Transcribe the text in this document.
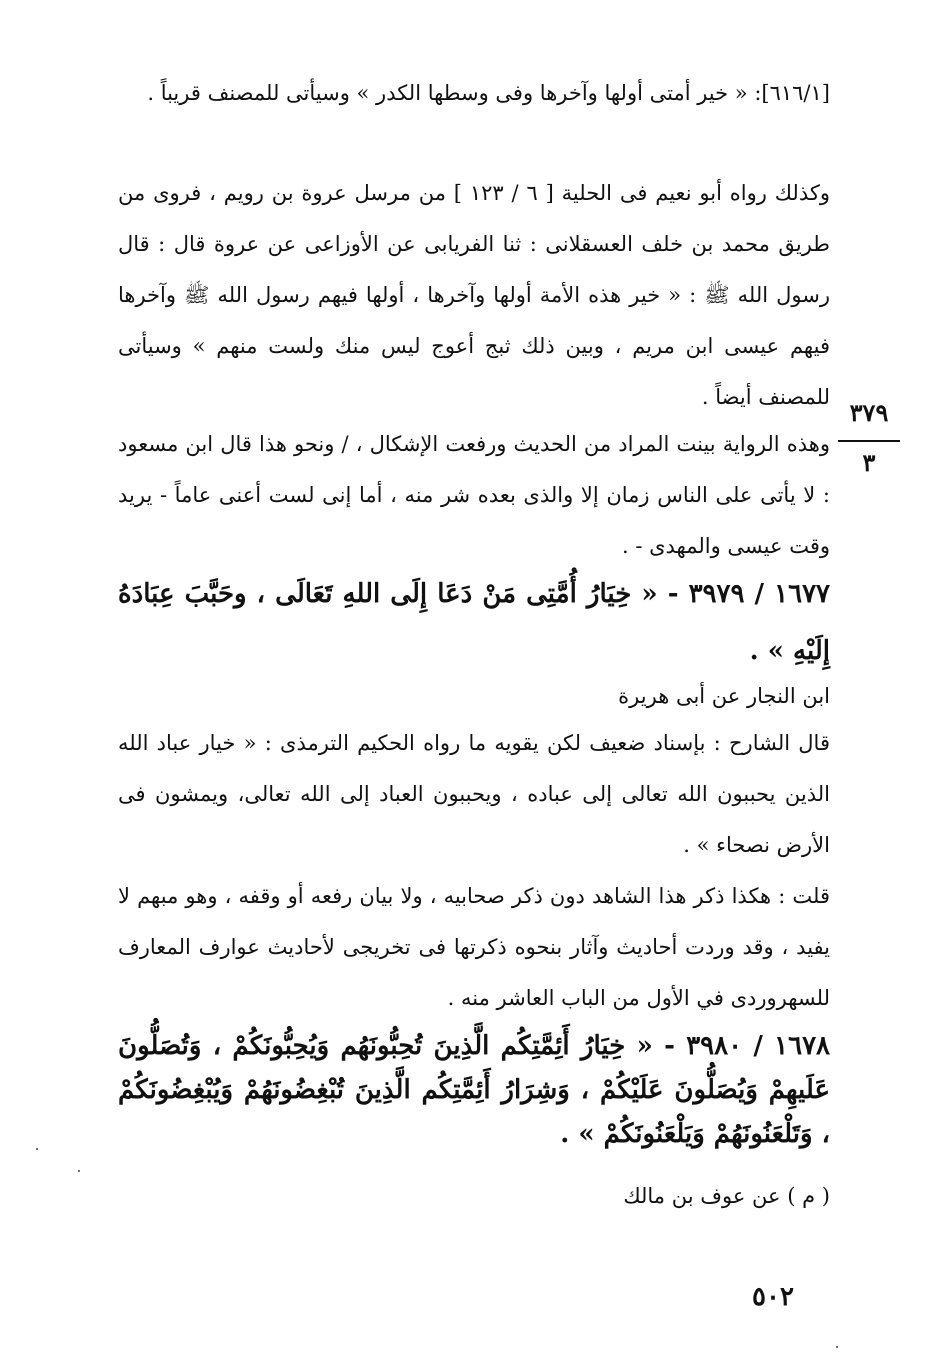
[٦١٦/١]: « خير أمتى أولها وآخرها وفى وسطها الكدر » وسيأتى للمصنف قريباً .

وكذلك رواه أبو نعيم فى الحلية [ ٦ / ١٢٣ ] من مرسل عروة بن رويم ، فروى من طريق محمد بن خلف العسقلانى : ثنا الفريابى عن الأوزاعى عن عروة قال : قال رسول الله ﷺ : « خير هذه الأمة أولها وآخرها ، أولها فيهم رسول الله ﷺ وآخرها فيهم عيسى ابن مريم ، وبين ذلك ثبج أعوج ليس منك ولست منهم » وسيأتى للمصنف أيضاً .

وهذه الرواية بينت المراد من الحديث ورفعت الإشكال ، / ونحو هذا قال ابن مسعود : لا يأتى على الناس زمان إلا والذى بعده شر منه ، أما إنى لست أعنى عاماً - يريد وقت عيسى والمهدى - .

١٦٧٧ / ٣٩٧٩ - « خِيَارُ أُمَّتِى مَنْ دَعَا إِلَى اللهِ تَعَالَى ، وحَبَّبَ عِبَادَهُ إِلَيْهِ » .

ابن النجار عن أبى هريرة

قال الشارح : بإسناد ضعيف لكن يقويه ما رواه الحكيم الترمذى : « خيار عباد الله الذين يحببون الله تعالى إلى عباده ، ويحببون العباد إلى الله تعالى، ويمشون فى الأرض نصحاء » .

قلت : هكذا ذكر هذا الشاهد دون ذكر صحابيه ، ولا بيان رفعه أو وقفه ، وهو مبهم لا يفيد ، وقد وردت أحاديث وآثار بنحوه ذكرتها فى تخريجى لأحاديث عوارف المعارف للسهروردى في الأول من الباب العاشر منه .

١٦٧٨ / ٣٩٨٠ - « خِيَارُ أَئِمَّتِكُم الَّذِينَ تُحِبُّونَهُم وَيُحِبُّونَكُمْ ، وَتُصَلُّونَ عَلَيهِمْ وَيُصَلُّونَ عَلَيْكُمْ ، وَشِرَارُ أَئِمَّتِكُم الَّذِينَ تُبْغِضُونَهُمْ وَيُبْغِضُونَكُمْ ، وَتَلْعَنُونَهُمْ وَيَلْعَنُونَكُمْ » .

( م ) عن عوف بن مالك

٣٧٩
٣
٥٠٢
